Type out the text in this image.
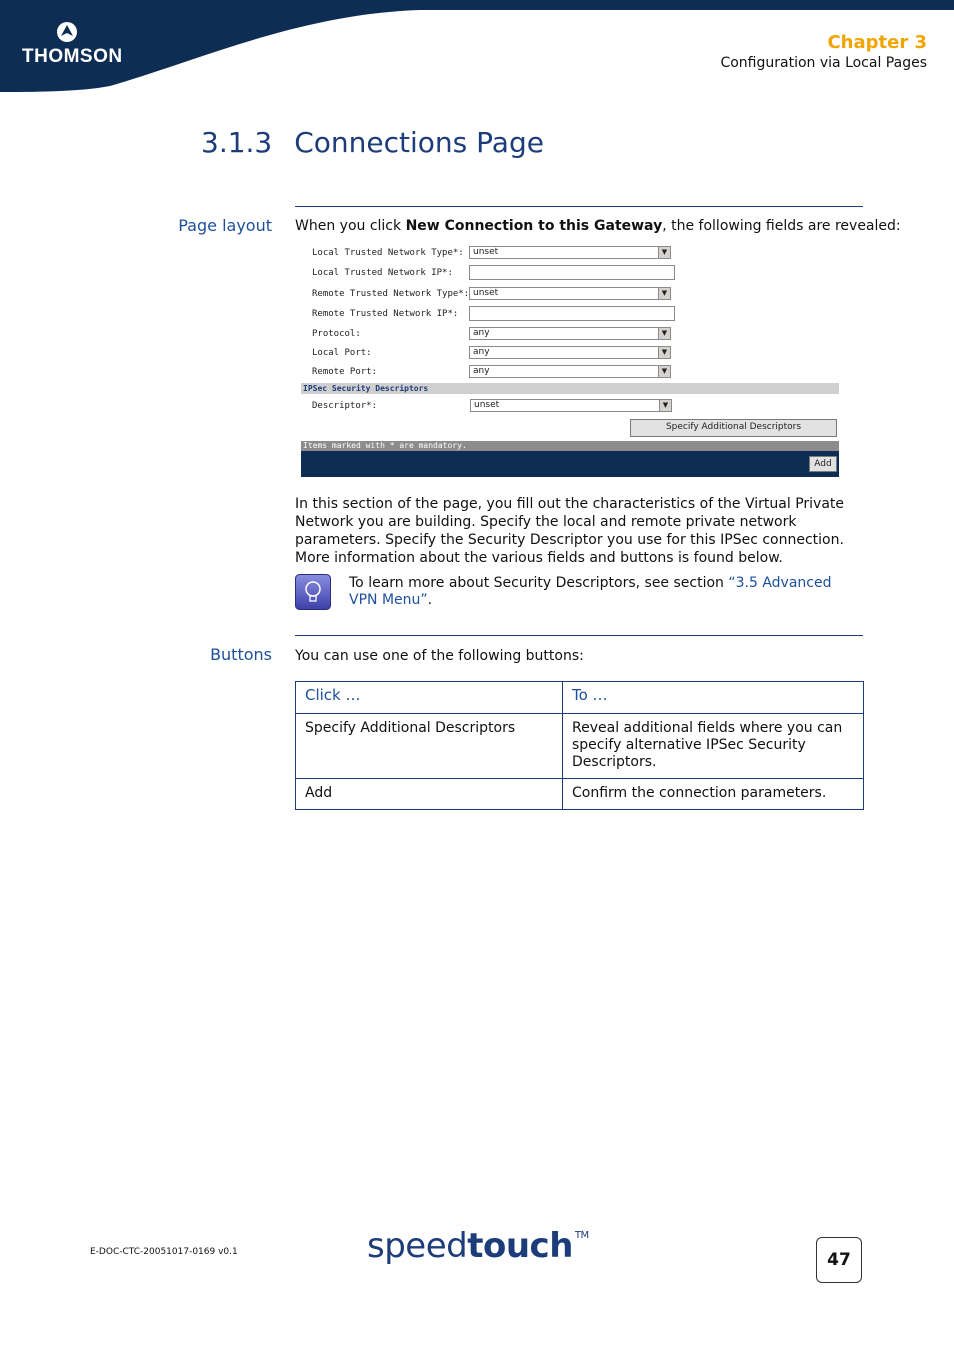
THOMSON
Chapter 3
Configuration via Local Pages
3.1.3 Connections Page
Page layout When you click New Connection to this Gateway, the following fields are revealed:
Local Trusted Network Type*:	unset	▼
Local Trusted Network IP*:
Remote Trusted Network Type*: unset	▼
Remote Trusted Network IP*:
Protocol:	any	▼
Local Port:	any	▼
Remote Port:	any	▼
IPSec Security Descriptors
Descriptor*:	unset	▼
Specify Additional Descriptors
Items marked with * are mandatory.
Add
In this section of the page, you fill out the characteristics of the Virtual Private Network you are building. Specify the local and remote private network parameters. Specify the Security Descriptor you use for this IPSec connection. More information about the various fields and buttons is found below.
To learn more about Security Descriptors, see section “3.5 Advanced VPN Menu”.
Buttons You can use one of the following buttons:
Click …	To …
Specify Additional Descriptors	Reveal additional fields where you can specify alternative IPSec Security Descriptors.
Add	Confirm the connection parameters.
E-DOC-CTC-20051017-0169 v0.1	speedtouch ™
47
